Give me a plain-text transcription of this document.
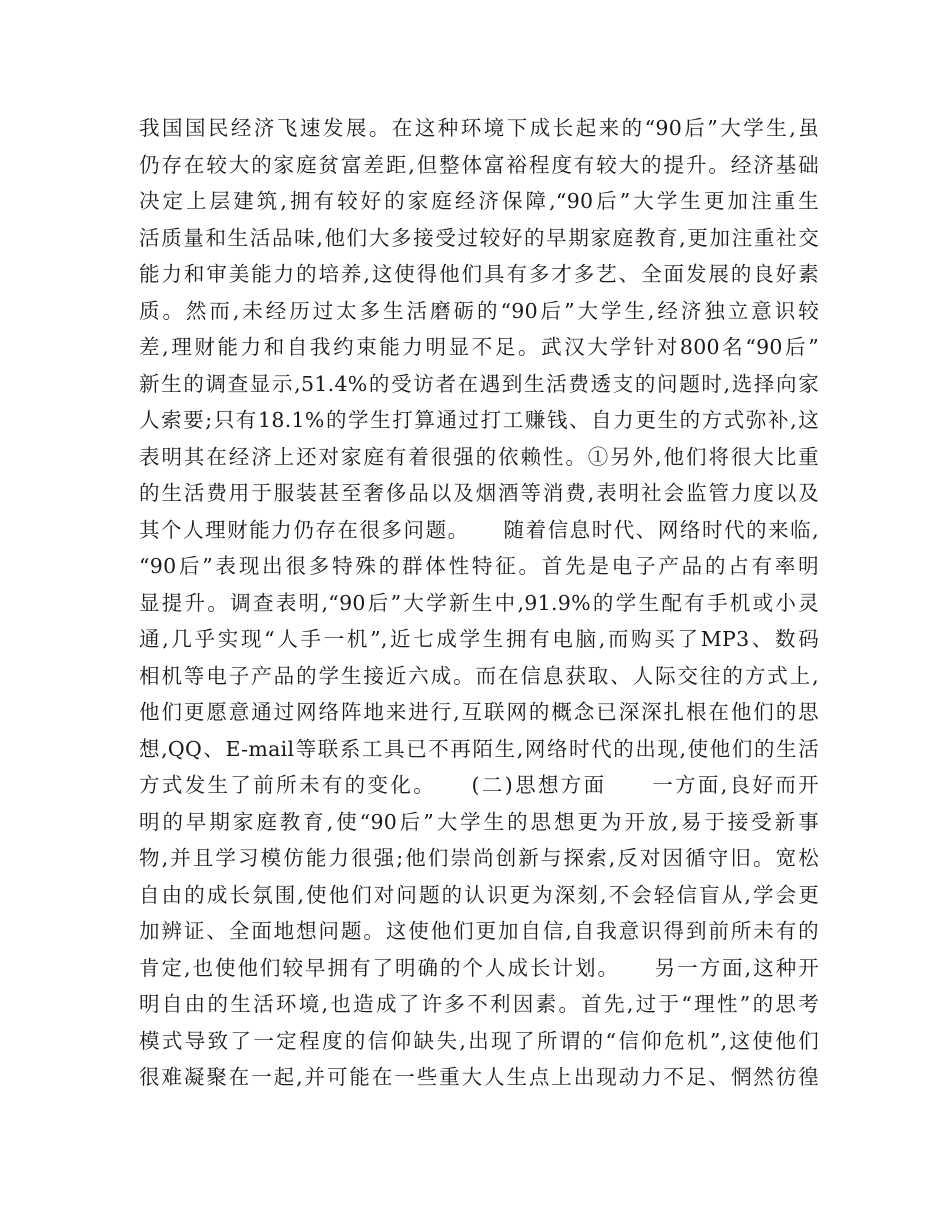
我国国民经济飞速发展。在这种环境下成长起来的“90后”大学生,虽
仍存在较大的家庭贫富差距,但整体富裕程度有较大的提升。经济基础
决定上层建筑,拥有较好的家庭经济保障,“90后”大学生更加注重生
活质量和生活品味,他们大多接受过较好的早期家庭教育,更加注重社交
能力和审美能力的培养,这使得他们具有多才多艺、全面发展的良好素
质。然而,未经历过太多生活磨砺的“90后”大学生,经济独立意识较
差,理财能力和自我约束能力明显不足。武汉大学针对800名“90后”
新生的调查显示,51.4%的受访者在遇到生活费透支的问题时,选择向家
人索要;只有18.1%的学生打算通过打工赚钱、自力更生的方式弥补,这
表明其在经济上还对家庭有着很强的依赖性。①另外,他们将很大比重
的生活费用于服装甚至奢侈品以及烟酒等消费,表明社会监管力度以及
其个人理财能力仍存在很多问题。　　随着信息时代、网络时代的来临,
“90后”表现出很多特殊的群体性特征。首先是电子产品的占有率明
显提升。调查表明,“90后”大学新生中,91.9%的学生配有手机或小灵
通,几乎实现“人手一机”,近七成学生拥有电脑,而购买了MP3、数码
相机等电子产品的学生接近六成。而在信息获取、人际交往的方式上,
他们更愿意通过网络阵地来进行,互联网的概念已深深扎根在他们的思
想,QQ、E-mail等联系工具已不再陌生,网络时代的出现,使他们的生活
方式发生了前所未有的变化。　　(二)思想方面　　一方面,良好而开
明的早期家庭教育,使“90后”大学生的思想更为开放,易于接受新事
物,并且学习模仿能力很强;他们崇尚创新与探索,反对因循守旧。宽松
自由的成长氛围,使他们对问题的认识更为深刻,不会轻信盲从,学会更
加辨证、全面地想问题。这使他们更加自信,自我意识得到前所未有的
肯定,也使他们较早拥有了明确的个人成长计划。　　另一方面,这种开
明自由的生活环境,也造成了许多不利因素。首先,过于“理性”的思考
模式导致了一定程度的信仰缺失,出现了所谓的“信仰危机”,这使他们
很难凝聚在一起,并可能在一些重大人生点上出现动力不足、惘然彷徨
